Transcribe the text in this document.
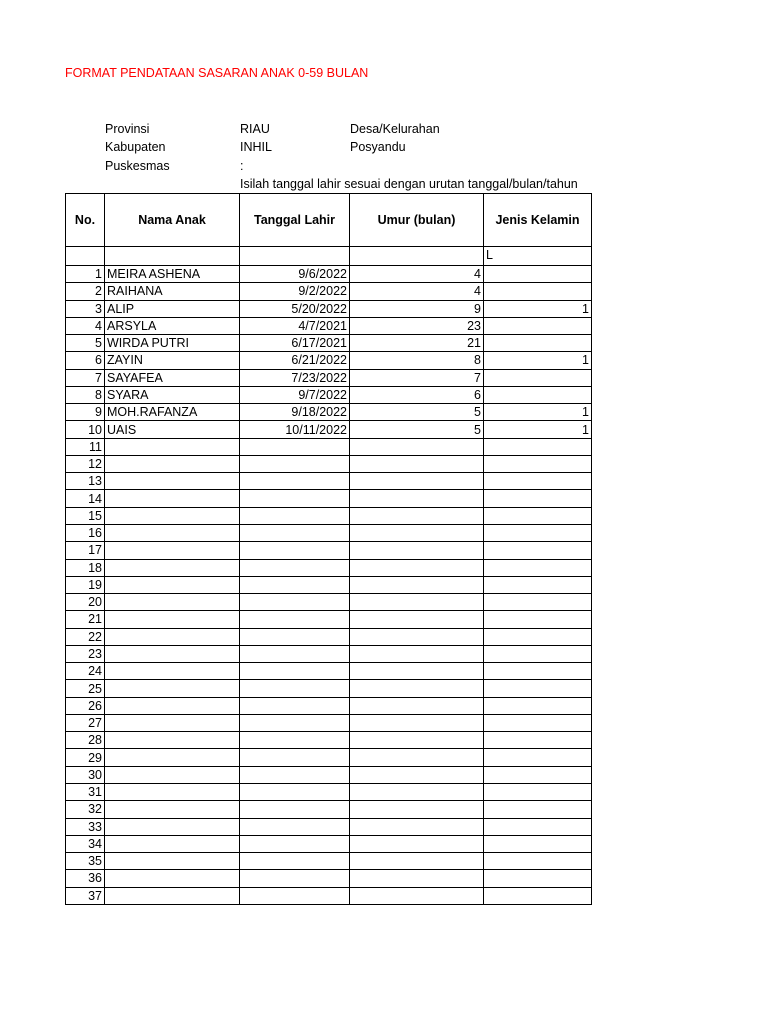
FORMAT PENDATAAN SASARAN ANAK 0-59 BULAN
Provinsi	RIAU	Desa/Kelurahan
Kabupaten	INHIL	Posyandu
Puskesmas	:
Isilah tanggal lahir sesuai dengan urutan tanggal/bulan/tahun
No.	Nama Anak	Tanggal Lahir	Umur (bulan)	Jenis Kelamin
				L
1	MEIRA ASHENA	9/6/2022	4	
2	RAIHANA	9/2/2022	4	
3	ALIP	5/20/2022	9	1
4	ARSYLA	4/7/2021	23	
5	WIRDA PUTRI	6/17/2021	21	
6	ZAYIN	6/21/2022	8	1
7	SAYAFEA	7/23/2022	7	
8	SYARA	9/7/2022	6	
9	MOH.RAFANZA	9/18/2022	5	1
10	UAIS	10/11/2022	5	1
11				
12				
13				
14				
15				
16				
17				
18				
19				
20				
21				
22				
23				
24				
25				
26				
27				
28				
29				
30				
31				
32				
33				
34				
35				
36				
37				
